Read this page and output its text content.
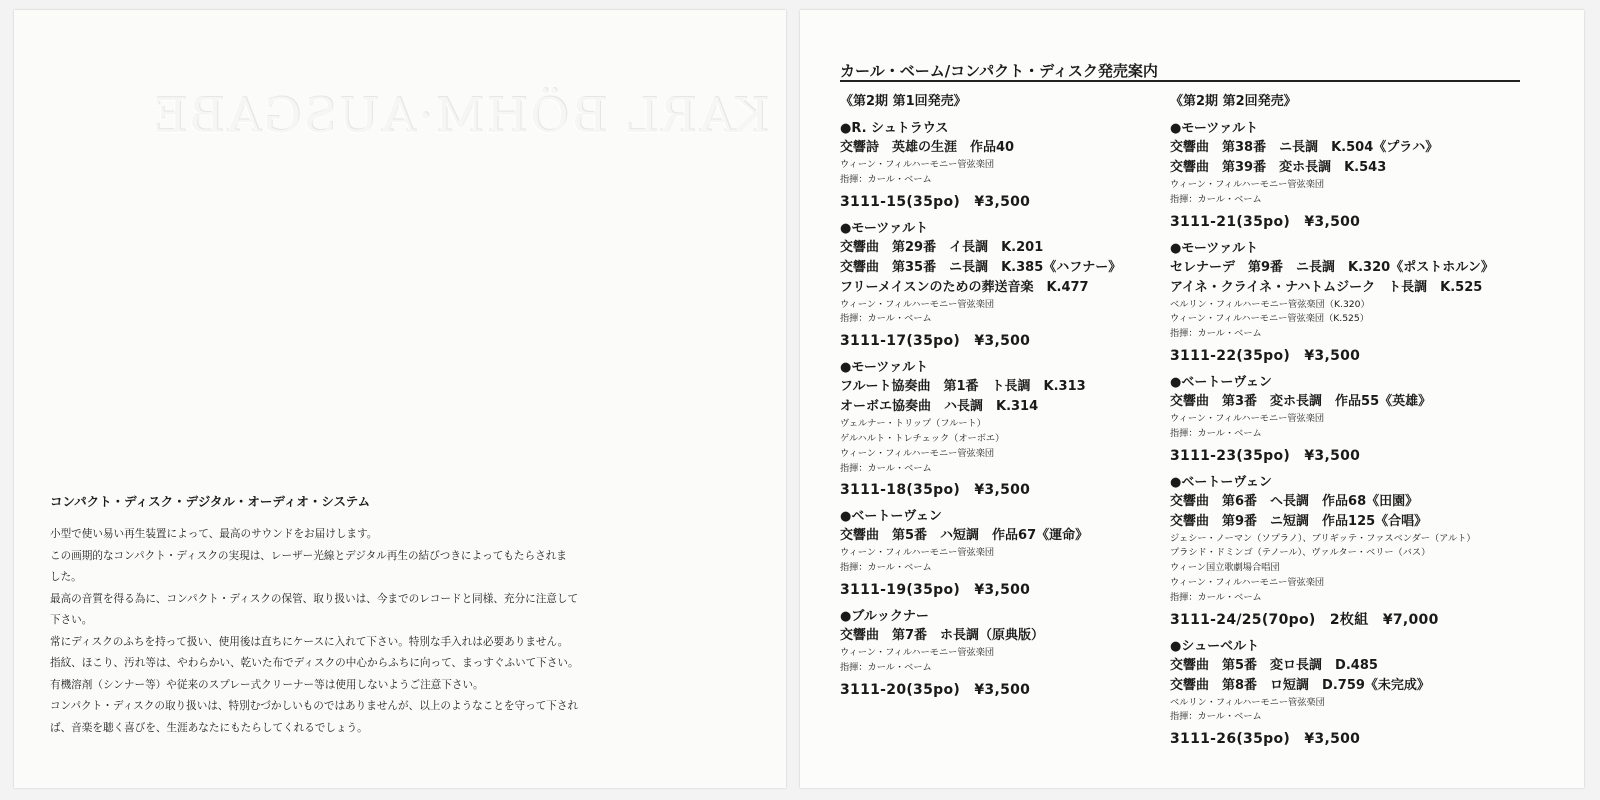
KARL BÖHM·AUSGABE
コンパクト・ディスク・デジタル・オーディオ・システム
小型で使い易い再生装置によって、最高のサウンドをお届けします。
この画期的なコンパクト・ディスクの実現は、レーザー光線とデジタル再生の結びつきによってもたらされま
した。
最高の音質を得る為に、コンパクト・ディスクの保管、取り扱いは、今までのレコードと同様、充分に注意して
下さい。
常にディスクのふちを持って扱い、使用後は直ちにケースに入れて下さい。特別な手入れは必要ありません。
指紋、ほこり、汚れ等は、やわらかい、乾いた布でディスクの中心からふちに向って、まっすぐふいて下さい。
有機溶剤（シンナー等）や従来のスプレー式クリーナー等は使用しないようご注意下さい。
コンパクト・ディスクの取り扱いは、特別むづかしいものではありませんが、以上のようなことを守って下され
ば、音楽を聴く喜びを、生涯あなたにもたらしてくれるでしょう。
カール・ベーム/コンパクト・ディスク発売案内
《第2期 第1回発売》
●R. シュトラウス
交響詩　英雄の生涯　作品40
ウィーン・フィルハーモニー管弦楽団
指揮：カール・ベーム
3111-15(35po)　¥3,500
●モーツァルト
交響曲　第29番　イ長調　K.201
交響曲　第35番　ニ長調　K.385《ハフナー》
フリーメイスンのための葬送音楽　K.477
ウィーン・フィルハーモニー管弦楽団
指揮：カール・ベーム
3111-17(35po)　¥3,500
●モーツァルト
フルート協奏曲　第1番　ト長調　K.313
オーボエ協奏曲　ハ長調　K.314
ヴェルナー・トリップ（フルート）
ゲルハルト・トレチェック（オーボエ）
ウィーン・フィルハーモニー管弦楽団
指揮：カール・ベーム
3111-18(35po)　¥3,500
●ベートーヴェン
交響曲　第5番　ハ短調　作品67《運命》
ウィーン・フィルハーモニー管弦楽団
指揮：カール・ベーム
3111-19(35po)　¥3,500
●ブルックナー
交響曲　第7番　ホ長調（原典版）
ウィーン・フィルハーモニー管弦楽団
指揮：カール・ベーム
3111-20(35po)　¥3,500
《第2期 第2回発売》
●モーツァルト
交響曲　第38番　ニ長調　K.504《プラハ》
交響曲　第39番　変ホ長調　K.543
ウィーン・フィルハーモニー管弦楽団
指揮：カール・ベーム
3111-21(35po)　¥3,500
●モーツァルト
セレナーデ　第9番　ニ長調　K.320《ポストホルン》
アイネ・クライネ・ナハトムジーク　ト長調　K.525
ベルリン・フィルハーモニー管弦楽団（K.320）
ウィーン・フィルハーモニー管弦楽団（K.525）
指揮：カール・ベーム
3111-22(35po)　¥3,500
●ベートーヴェン
交響曲　第3番　変ホ長調　作品55《英雄》
ウィーン・フィルハーモニー管弦楽団
指揮：カール・ベーム
3111-23(35po)　¥3,500
●ベートーヴェン
交響曲　第6番　ヘ長調　作品68《田園》
交響曲　第9番　ニ短調　作品125《合唱》
ジェシー・ノーマン（ソプラノ）、ブリギッテ・ファスベンダー（アルト）
プラシド・ドミンゴ（テノール）、ヴァルター・ベリー（バス）
ウィーン国立歌劇場合唱団
ウィーン・フィルハーモニー管弦楽団
指揮：カール・ベーム
3111-24/25(70po)　2枚組　¥7,000
●シューベルト
交響曲　第5番　変ロ長調　D.485
交響曲　第8番　ロ短調　D.759《未完成》
ベルリン・フィルハーモニー管弦楽団
指揮：カール・ベーム
3111-26(35po)　¥3,500
